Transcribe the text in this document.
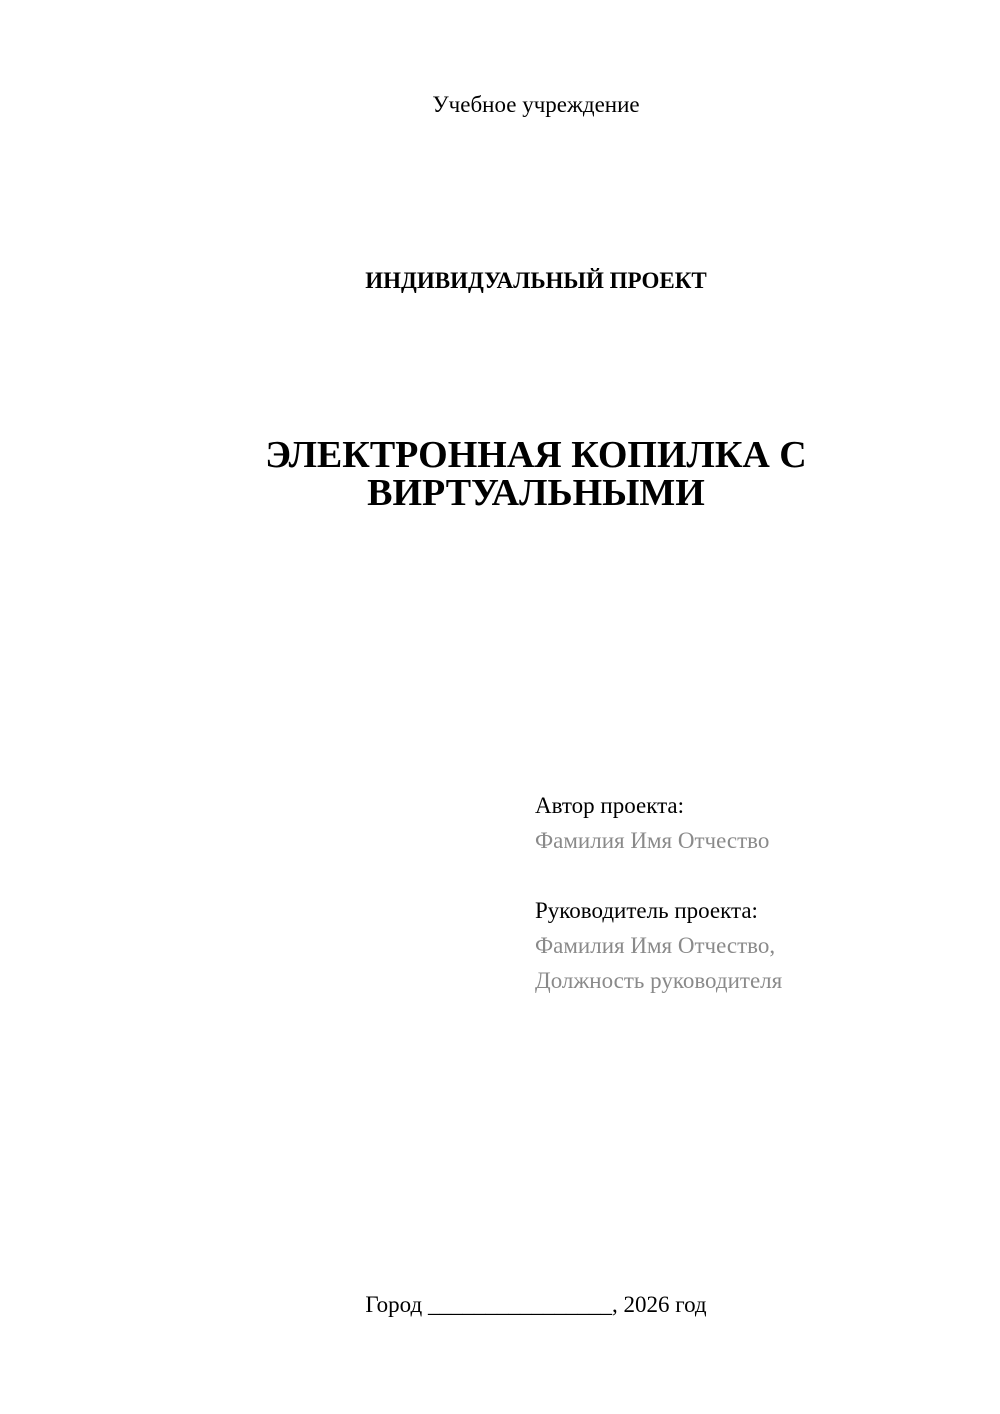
Учебное учреждение
ИНДИВИДУАЛЬНЫЙ ПРОЕКТ
ЭЛЕКТРОННАЯ КОПИЛКА С
ВИРТУАЛЬНЫМИ
Автор проекта:
Фамилия Имя Отчество
Руководитель проекта:
Фамилия Имя Отчество,
Должность руководителя
Город ________________, 2026 год
